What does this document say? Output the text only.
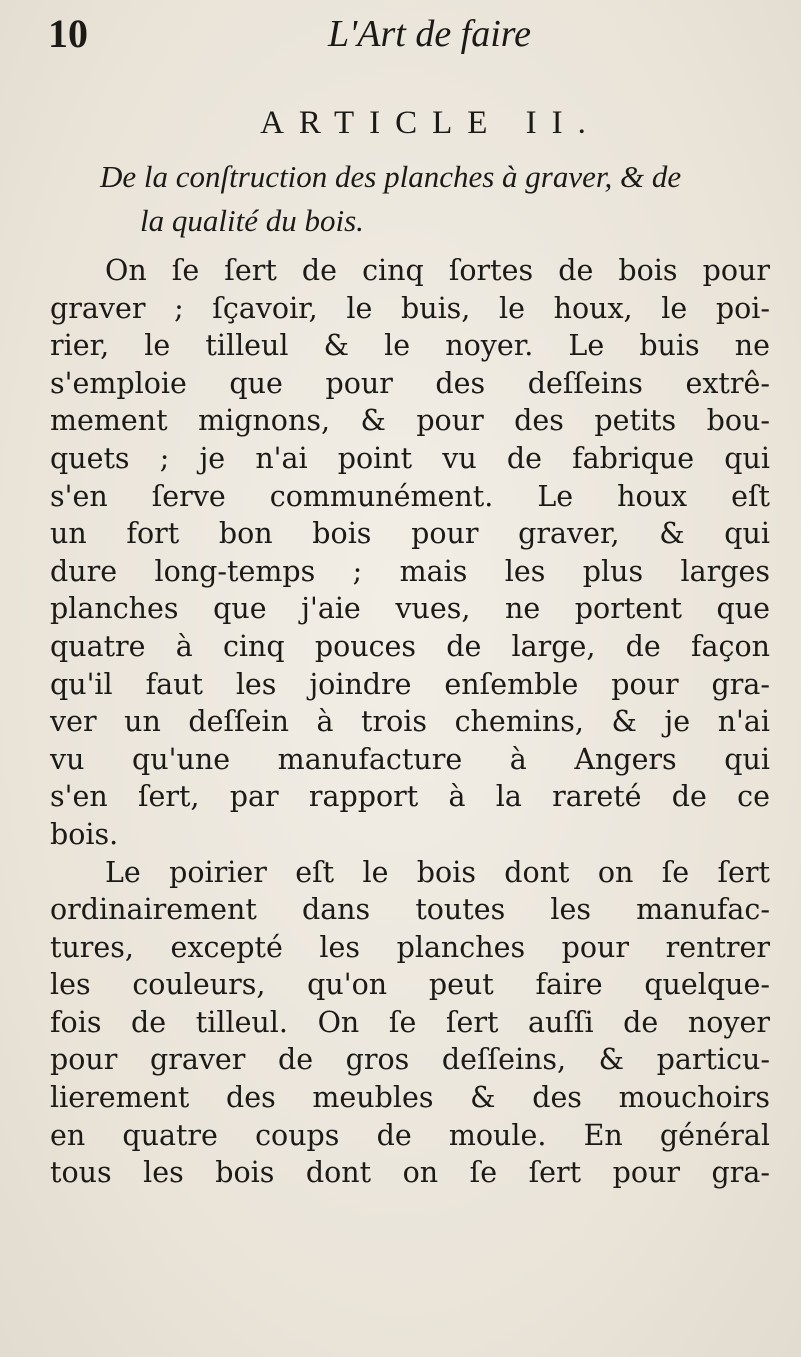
10	L'Art de faire
ARTICLE II.
De la conſtruction des planches à graver, & de
la qualité du bois.

On ſe ſert de cinq ſortes de bois pour
graver ; ſçavoir, le buis, le houx, le poi-
rier, le tilleul & le noyer. Le buis ne
s'emploie que pour des deſſeins extrê-
mement mignons, & pour des petits bou-
quets ; je n'ai point vu de fabrique qui
s'en ſerve communément. Le houx eſt
un fort bon bois pour graver, & qui
dure long-temps ; mais les plus larges
planches que j'aie vues, ne portent que
quatre à cinq pouces de large, de façon
qu'il faut les joindre enſemble pour gra-
ver un deſſein à trois chemins, & je n'ai
vu qu'une manufacture à Angers qui
s'en ſert, par rapport à la rareté de ce
bois.

Le poirier eſt le bois dont on ſe ſert
ordinairement dans toutes les manufac-
tures, excepté les planches pour rentrer
les couleurs, qu'on peut faire quelque-
fois de tilleul. On ſe ſert auſſi de noyer
pour graver de gros deſſeins, & particu-
lierement des meubles & des mouchoirs
en quatre coups de moule. En général
tous les bois dont on ſe ſert pour gra-
